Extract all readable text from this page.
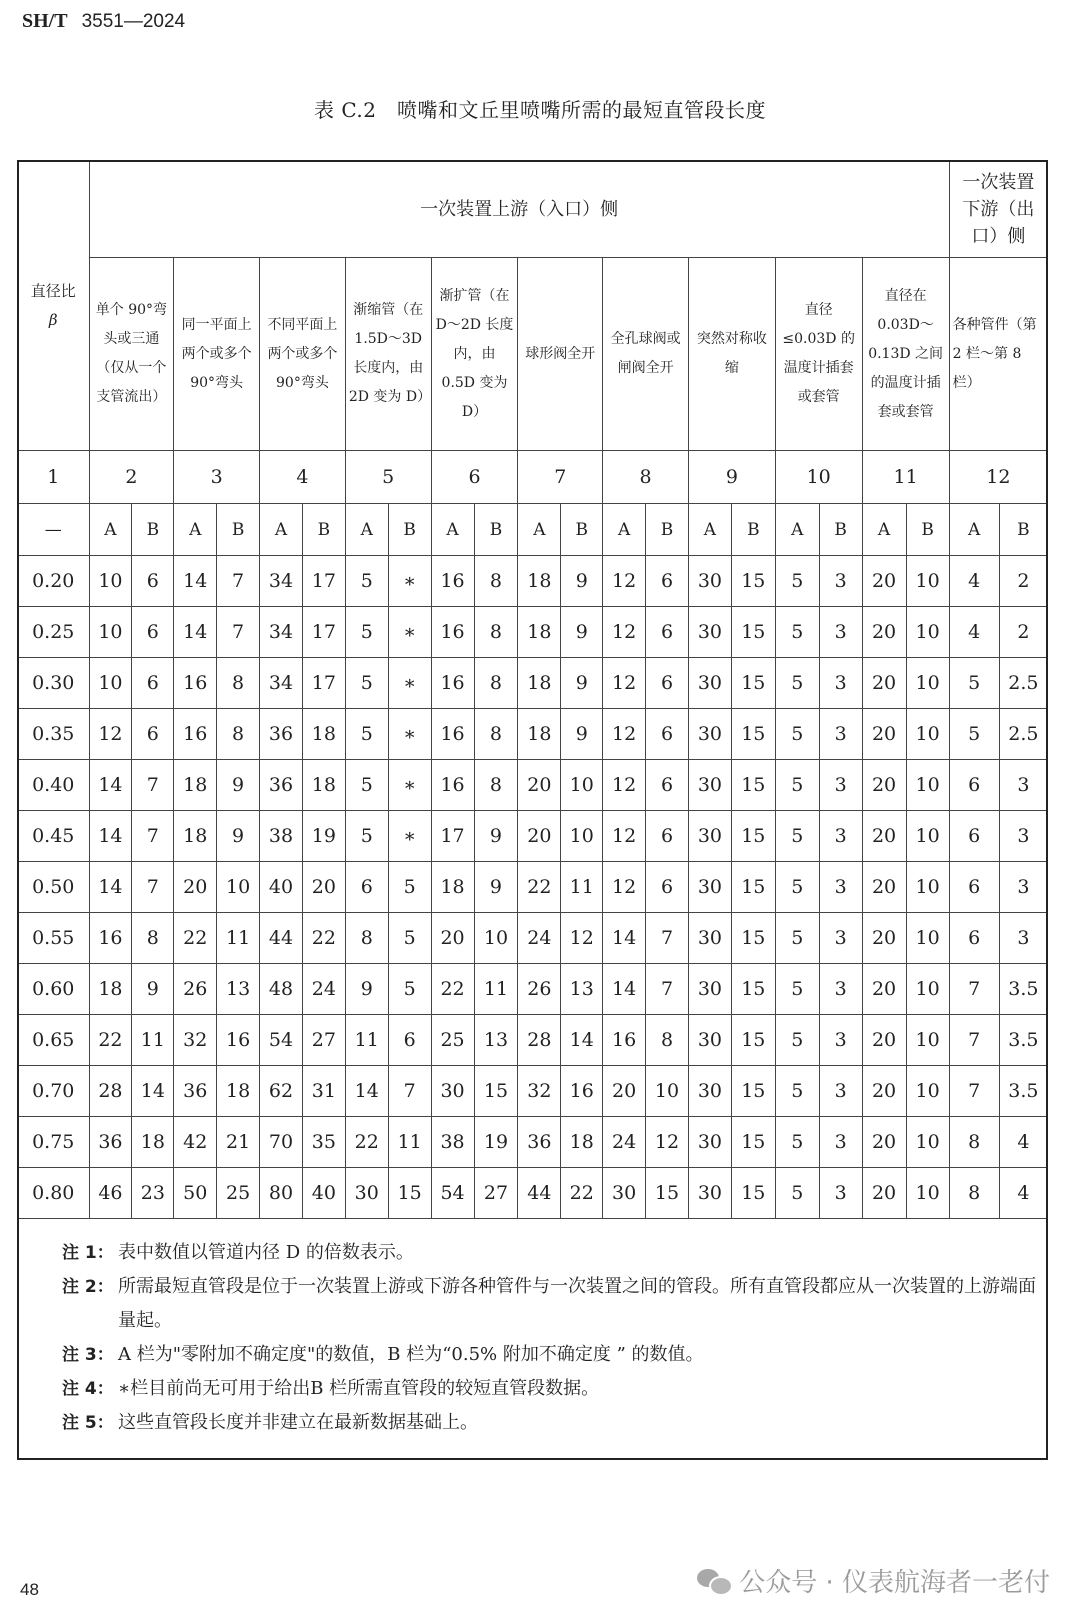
SH/T 3551—2024
表 C.2　喷嘴和文丘里喷嘴所需的最短直管段长度
直径比
β	一次装置上游（入口）侧																				一次装置下游（出口）侧	
	单个 90°弯头或三通（仅从一个支管流出）		同一平面上两个或多个 90°弯头		不同平面上两个或多个 90°弯头		渐缩管（在 1.5D～3D 长度内，由 2D 变为 D）		渐扩管（在 D～2D 长度内，由 0.5D 变为 D）		球形阀全开		全孔球阀或闸阀全开		突然对称收缩		直径≤0.03D 的温度计插套或套管		直径在 0.03D～0.13D 之间的温度计插套或套管		各种管件（第 2 栏～第 8 栏）	
1	2		3		4		5		6		7		8		9		10		11		12	
—	A	B	A	B	A	B	A	B	A	B	A	B	A	B	A	B	A	B	A	B	A	B
0.20	10	6	14	7	34	17	5	∗	16	8	18	9	12	6	30	15	5	3	20	10	4	2
0.25	10	6	14	7	34	17	5	∗	16	8	18	9	12	6	30	15	5	3	20	10	4	2
0.30	10	6	16	8	34	17	5	∗	16	8	18	9	12	6	30	15	5	3	20	10	5	2.5
0.35	12	6	16	8	36	18	5	∗	16	8	18	9	12	6	30	15	5	3	20	10	5	2.5
0.40	14	7	18	9	36	18	5	∗	16	8	20	10	12	6	30	15	5	3	20	10	6	3
0.45	14	7	18	9	38	19	5	∗	17	9	20	10	12	6	30	15	5	3	20	10	6	3
0.50	14	7	20	10	40	20	6	5	18	9	22	11	12	6	30	15	5	3	20	10	6	3
0.55	16	8	22	11	44	22	8	5	20	10	24	12	14	7	30	15	5	3	20	10	6	3
0.60	18	9	26	13	48	24	9	5	22	11	26	13	14	7	30	15	5	3	20	10	7	3.5
0.65	22	11	32	16	54	27	11	6	25	13	28	14	16	8	30	15	5	3	20	10	7	3.5
0.70	28	14	36	18	62	31	14	7	30	15	32	16	20	10	30	15	5	3	20	10	7	3.5
0.75	36	18	42	21	70	35	22	11	38	19	36	18	24	12	30	15	5	3	20	10	8	4
0.80	46	23	50	25	80	40	30	15	54	27	44	22	30	15	30	15	5	3	20	10	8	4
注 1： 表中数值以管道内径 D 的倍数表示。
注 2： 所需最短直管段是位于一次装置上游或下游各种管件与一次装置之间的管段。所有直管段都应从一次装置的上游端面量起。
注 3： A 栏为"零附加不确定度"的数值，B 栏为“0.5% 附加不确定度 ” 的数值。
注 4： ∗栏目前尚无可用于给出B 栏所需直管段的较短直管段数据。
注 5： 这些直管段长度并非建立在最新数据基础上。
48	公众号 · 仪表航海者一老付
